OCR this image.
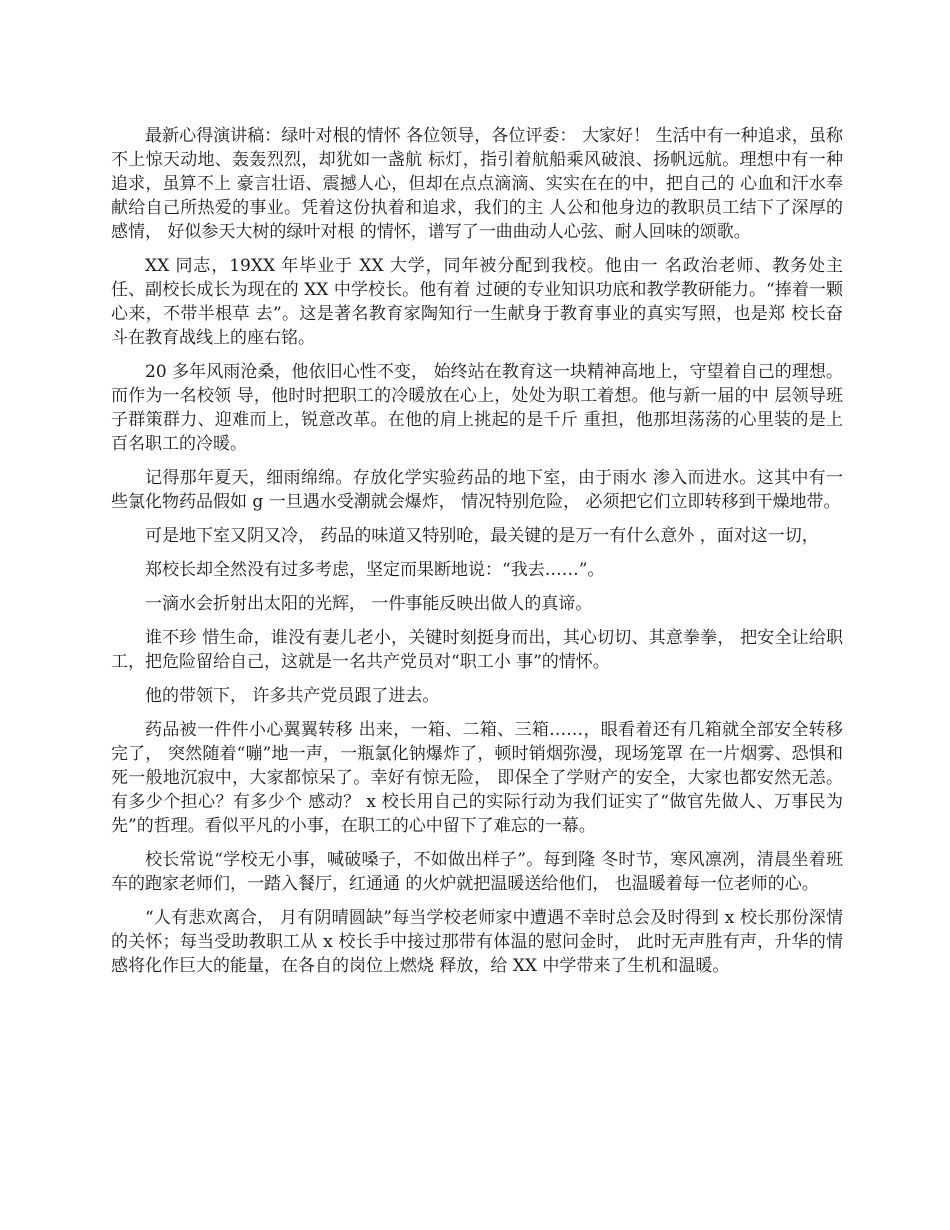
最新心得演讲稿：绿叶对根的情怀 各位领导，各位评委： 大家好！ 生活中有一种追求，虽称不上惊天动地、轰轰烈烈，却犹如一盏航 标灯，指引着航船乘风破浪、扬帆远航。理想中有一种追求，虽算不上 豪言壮语、震撼人心，但却在点点滴滴、实实在在的中，把自己的 心血和汗水奉献给自己所热爱的事业。凭着这份执着和追求，我们的主 人公和他身边的教职员工结下了深厚的感情， 好似参天大树的绿叶对根 的情怀，谱写了一曲曲动人心弦、耐人回味的颂歌。

XX 同志，19XX 年毕业于 XX 大学，同年被分配到我校。他由一 名政治老师、教务处主任、副校长成长为现在的 XX 中学校长。他有着 过硬的专业知识功底和教学教研能力。“捧着一颗心来，不带半根草 去”。这是著名教育家陶知行一生献身于教育事业的真实写照，也是郑 校长奋斗在教育战线上的座右铭。

20 多年风雨沧桑，他依旧心性不变， 始终站在教育这一块精神高地上，守望着自己的理想。而作为一名校领 导，他时时把职工的冷暖放在心上，处处为职工着想。他与新一届的中 层领导班子群策群力、迎难而上，锐意改革。在他的肩上挑起的是千斤 重担，他那坦荡荡的心里装的是上百名职工的冷暖。

记得那年夏天，细雨绵绵。存放化学实验药品的地下室，由于雨水 渗入而进水。这其中有一些氯化物药品假如 g 一旦遇水受潮就会爆炸， 情况特别危险， 必须把它们立即转移到干燥地带。

可是地下室又阴又冷， 药品的味道又特别呛，最关键的是万一有什么意外 ，面对这一切，

郑校长却全然没有过多考虑，坚定而果断地说：“我去……”。

一滴水会折射出太阳的光辉， 一件事能反映出做人的真谛。

谁不珍 惜生命，谁没有妻儿老小，关键时刻挺身而出，其心切切、其意拳拳， 把安全让给职工，把危险留给自己，这就是一名共产党员对“职工小 事”的情怀。

他的带领下， 许多共产党员跟了进去。

药品被一件件小心翼翼转移 出来，一箱、二箱、三箱……，眼看着还有几箱就全部安全转移完了， 突然随着“嘣”地一声，一瓶氯化钠爆炸了，顿时销烟弥漫，现场笼罩 在一片烟雾、恐惧和死一般地沉寂中，大家都惊呆了。幸好有惊无险， 即保全了学财产的安全，大家也都安然无恙。有多少个担心？有多少个 感动？ x 校长用自己的实际行动为我们证实了“做官先做人、万事民为 先”的哲理。看似平凡的小事，在职工的心中留下了难忘的一幕。

校长常说“学校无小事，喊破嗓子，不如做出样子”。每到隆 冬时节，寒风凛冽，清晨坐着班车的跑家老师们，一踏入餐厅，红通通 的火炉就把温暖送给他们， 也温暖着每一位老师的心。

“人有悲欢离合， 月有阴晴圆缺”每当学校老师家中遭遇不幸时总会及时得到 x 校长那份深情的关怀；每当受助教职工从 x 校长手中接过那带有体温的慰问金时， 此时无声胜有声，升华的情感将化作巨大的能量，在各自的岗位上燃烧 释放，给 XX 中学带来了生机和温暖。
